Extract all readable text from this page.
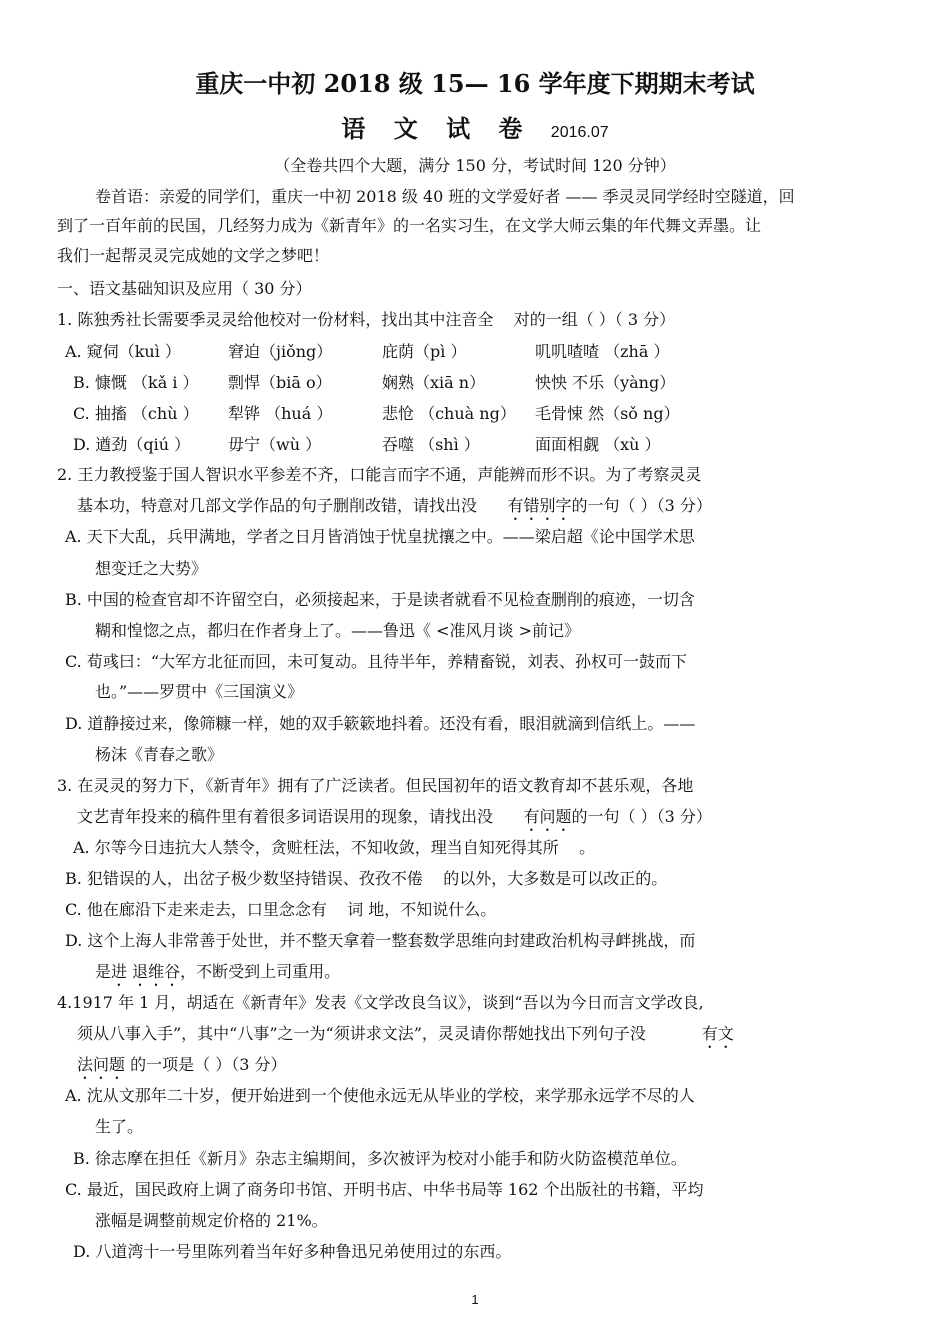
重庆一中初 2018 级 15— 16 学年度下期期末考试
语 文 试 卷 2016.07
（全卷共四个大题，满分 150 分，考试时间 120 分钟）
卷首语：亲爱的同学们，重庆一中初 2018 级 40 班的文学爱好者 —— 季灵灵同学经时空隧道，回
到了一百年前的民国，几经努力成为《新青年》的一名实习生，在文学大师云集的年代舞文弄墨。让
我们一起帮灵灵完成她的文学之梦吧！
一、语文基础知识及应用（ 30 分）
1. 陈独秀社长需要季灵灵给他校对一份材料，找出其中注音全 对的一组（ ）（ 3 分）
A. 窥伺（kuì ）	窘迫（jiǒng）	庇荫（pì ）	叽叽喳喳 （zhā ）
B. 慷慨 （kǎ i ） 剽悍（biā o）	娴熟（xiā n）	怏怏 不乐（yàng）
C. 抽搐 （chù ） 犁铧 （huá ）	悲怆 （chuà ng） 毛骨悚 然（sǒ ng）
D. 遒劲（qiú ） 毋宁（wù ）	吞噬 （shì ）	面面相觑 （xù ）
2. 王力教授鉴于国人智识水平参差不齐，口能言而字不通，声能辨而形不识。为了考察灵灵
基本功，特意对几部文学作品的句子删削改错，请找出没 有错别字的一句（ ）（3 分）
A. 天下大乱，兵甲满地，学者之日月皆消蚀于忧皇扰攘之中。——梁启超《论中国学术思
想变迁之大势》
B. 中国的检查官却不许留空白，必须接起来，于是读者就看不见检查删削的痕迹，一切含
糊和惶惚之点，都归在作者身上了。——鲁迅《 <准风月谈 >前记》
C. 荀彧曰：“大军方北征而回，未可复动。且待半年，养精畜锐，刘表、孙权可一鼓而下
也。”——罗贯中《三国演义》
D. 道静接过来，像筛糠一样，她的双手簌簌地抖着。还没有看，眼泪就滴到信纸上。——
杨沫《青春之歌》
3. 在灵灵的努力下，《新青年》拥有了广泛读者。但民国初年的语文教育却不甚乐观，各地
文艺青年投来的稿件里有着很多词语误用的现象，请找出没 有问题的一句（ ）（3 分）
A. 尔等今日违抗大人禁令，贪赃枉法，不知收敛，理当自知死得其所 。
B. 犯错误的人，出岔子极少数坚持错误、孜孜不倦 的以外，大多数是可以改正的。
C. 他在廊沿下走来走去，口里念念有 词 地，不知说什么。
D. 这个上海人非常善于处世，并不整天拿着一整套数学思维向封建政治机构寻衅挑战，而
是进 退维谷，不断受到上司重用。
4.1917 年 1 月，胡适在《新青年》发表《文学改良刍议》，谈到“吾以为今日而言文学改良,
须从八事入手”，其中“八事”之一为“须讲求文法”，灵灵请你帮她找出下列句子没	有文
法问题 的一项是（ ）（3 分）
A. 沈从文那年二十岁，便开始进到一个使他永远无从毕业的学校，来学那永远学不尽的人
生了。
B. 徐志摩在担任《新月》杂志主编期间，多次被评为校对小能手和防火防盗模范单位。
C. 最近，国民政府上调了商务印书馆、开明书店、中华书局等 162 个出版社的书籍，平均
涨幅是调整前规定价格的 21%。
D. 八道湾十一号里陈列着当年好多种鲁迅兄弟使用过的东西。
1
